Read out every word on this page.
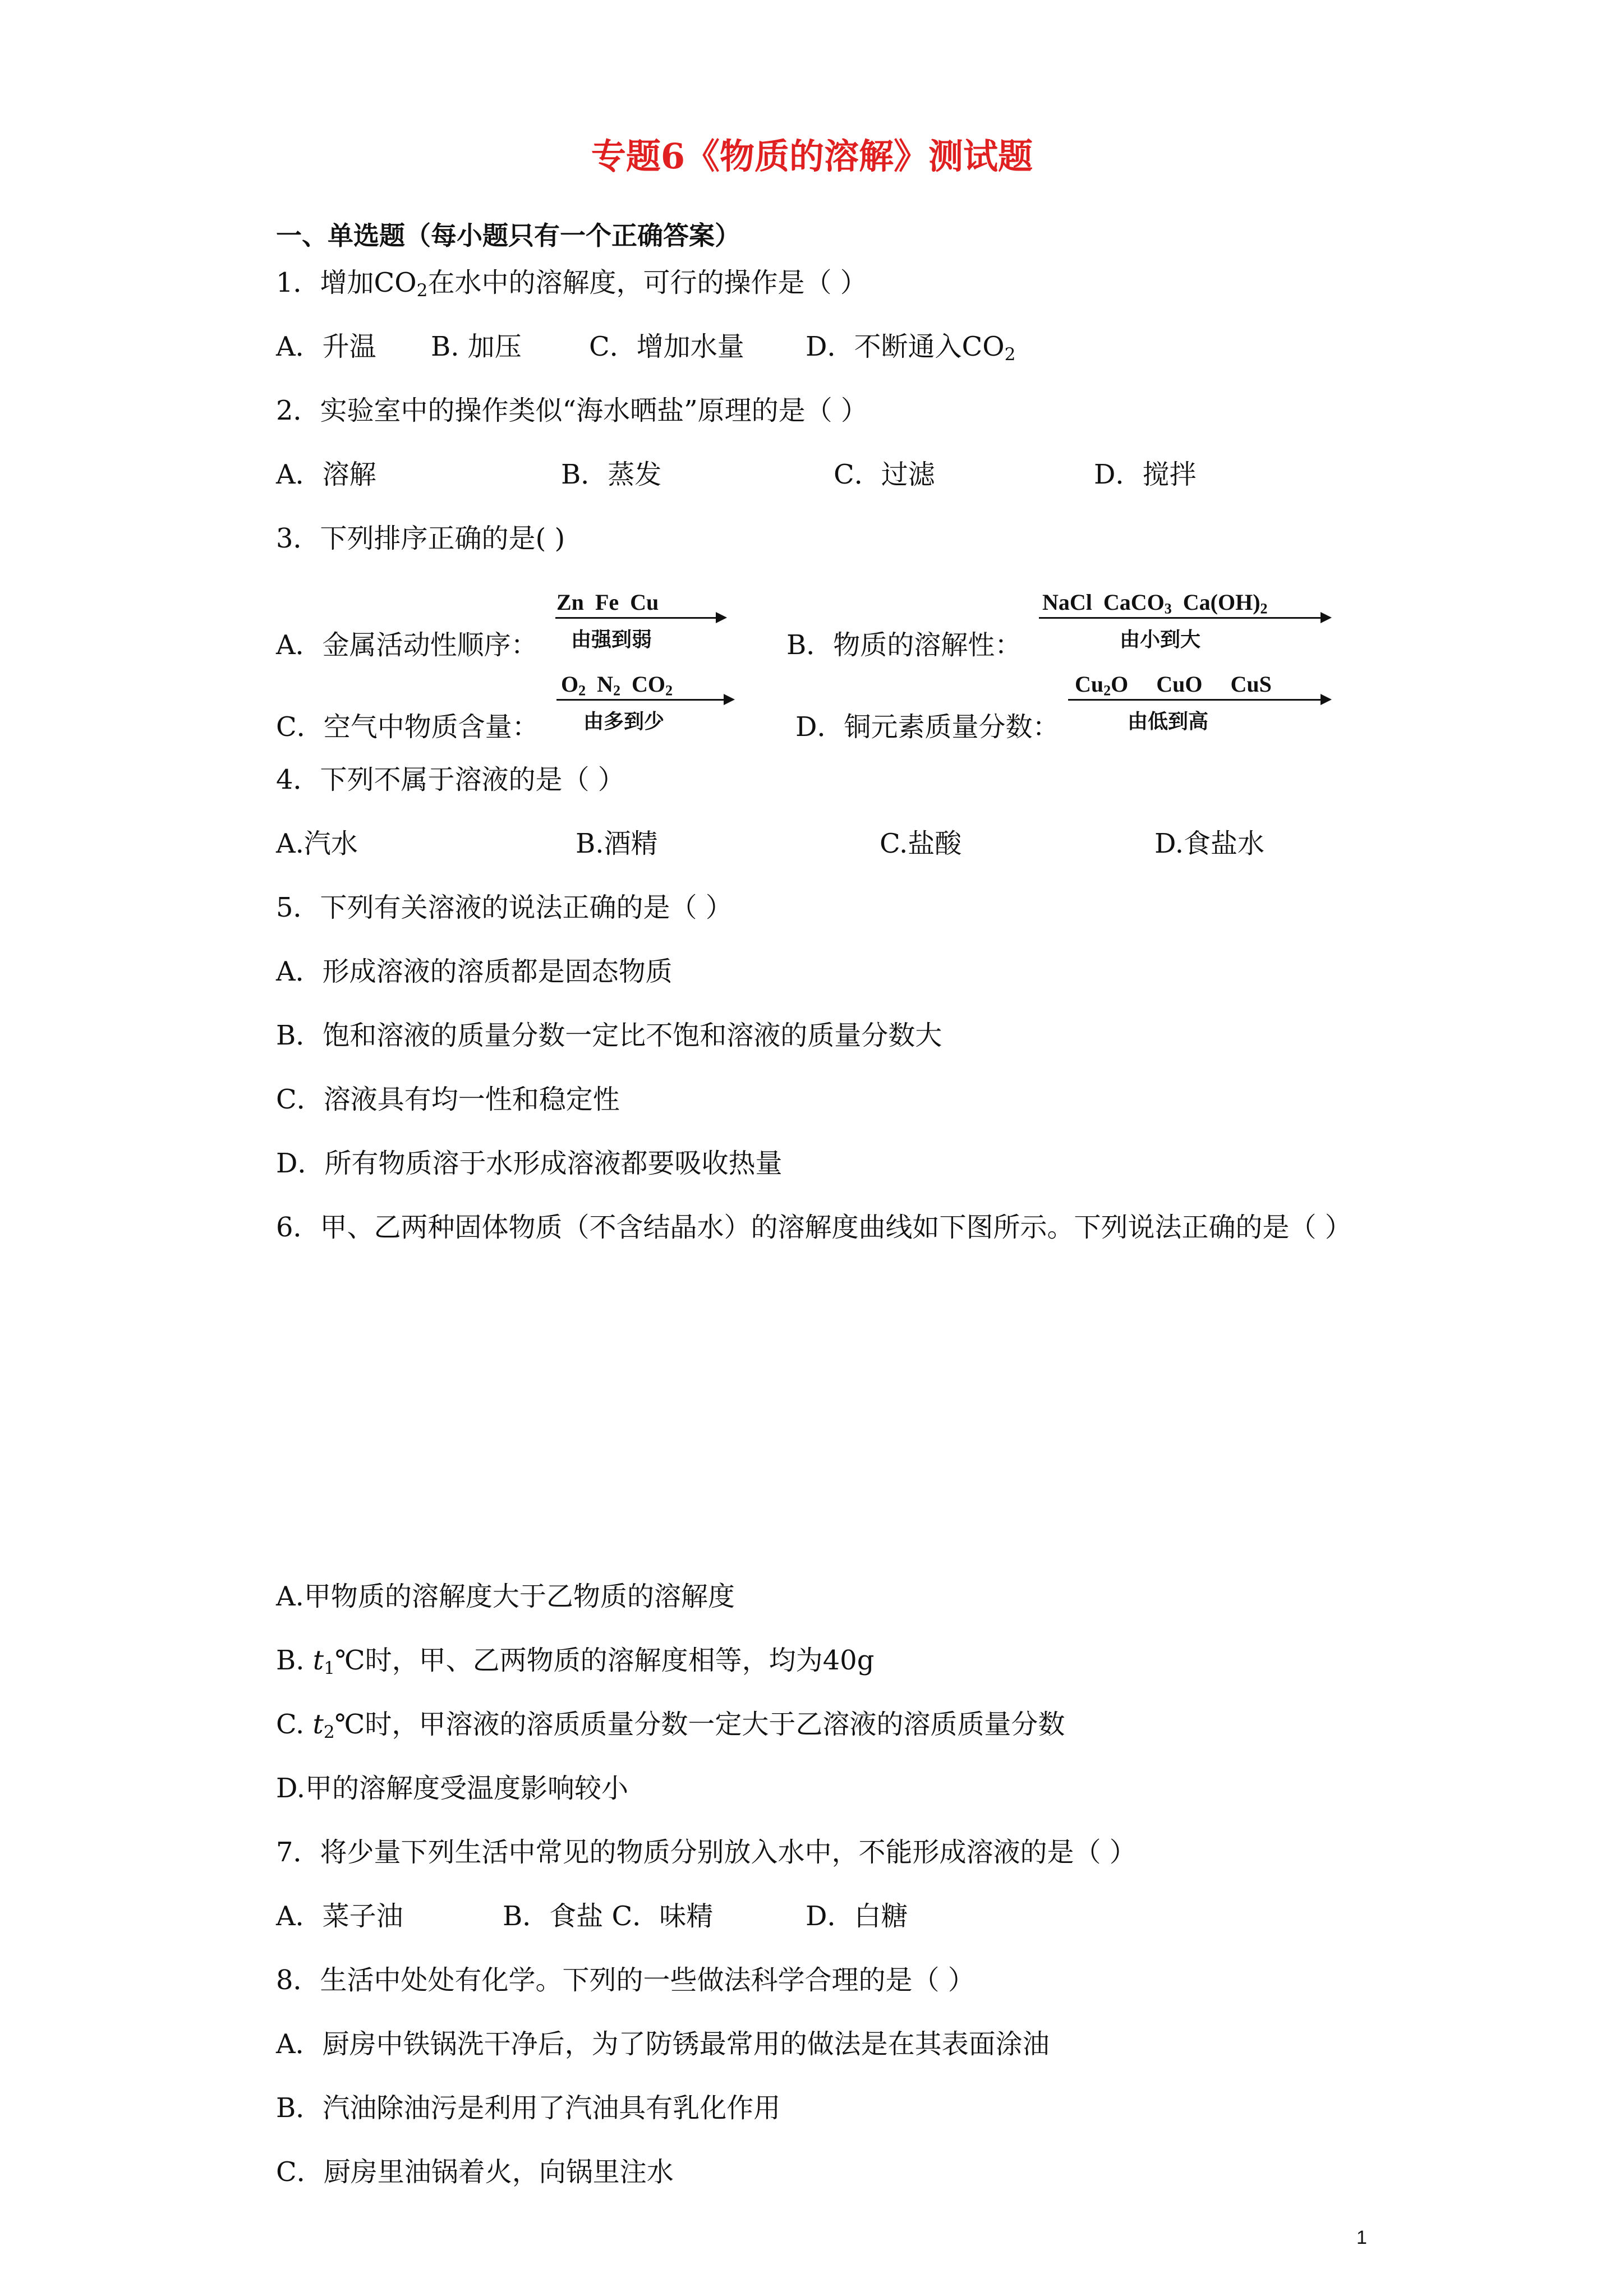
专题6《物质的溶解》测试题
一、单选题（每小题只有一个正确答案）
1．增加$CO_2$在水中的溶解度，可行的操作是（ ）
A．升温 B. 加压	C．增加水量 D．不断通入$CO_2$
2．实验室中的操作类似“海水晒盐”原理的是（ ）
A．溶解	B．蒸发	C．过滤	D．搅拌
3．下列排序正确的是( )
A．金属活动性顺序：
Zn Fe Cu
由强到弱	B．物质的溶解性：
NaCl CaCO$_3$ $Ca(OH)_2$
由小到大
C．空气中物质含量：
$O_2$ $N_2$ $CO_2$
由多到少	D．铜元素质量分数：
$Cu_2O$ CuO CuS
由低到高
4．下列不属于溶液的是（ ）
A.汽水	B.酒精	C.盐酸	D.食盐水
5．下列有关溶液的说法正确的是（ ）
A．形成溶液的溶质都是固态物质
B．饱和溶液的质量分数一定比不饱和溶液的质量分数大
C．溶液具有均一性和稳定性
D．所有物质溶于水形成溶液都要吸收热量
6．甲、乙两种固体物质（不含结晶水）的溶解度曲线如下图所示。下列说法正确的是（ ）
A.甲物质的溶解度大于乙物质的溶解度
B. $t_1℃$时，甲、乙两物质的溶解度相等，均为40g
C. $t_2℃$时，甲溶液的溶质质量分数一定大于乙溶液的溶质质量分数
D.甲的溶解度受温度影响较小
7．将少量下列生活中常见的物质分别放入水中，不能形成溶液的是（ ）
A．菜子油	B．食盐 C．味精	D．白糖
8．生活中处处有化学。下列的一些做法科学合理的是（ ）
A．厨房中铁锅洗干净后，为了防锈最常用的做法是在其表面涂油
B．汽油除油污是利用了汽油具有乳化作用
C．厨房里油锅着火，向锅里注水
1
